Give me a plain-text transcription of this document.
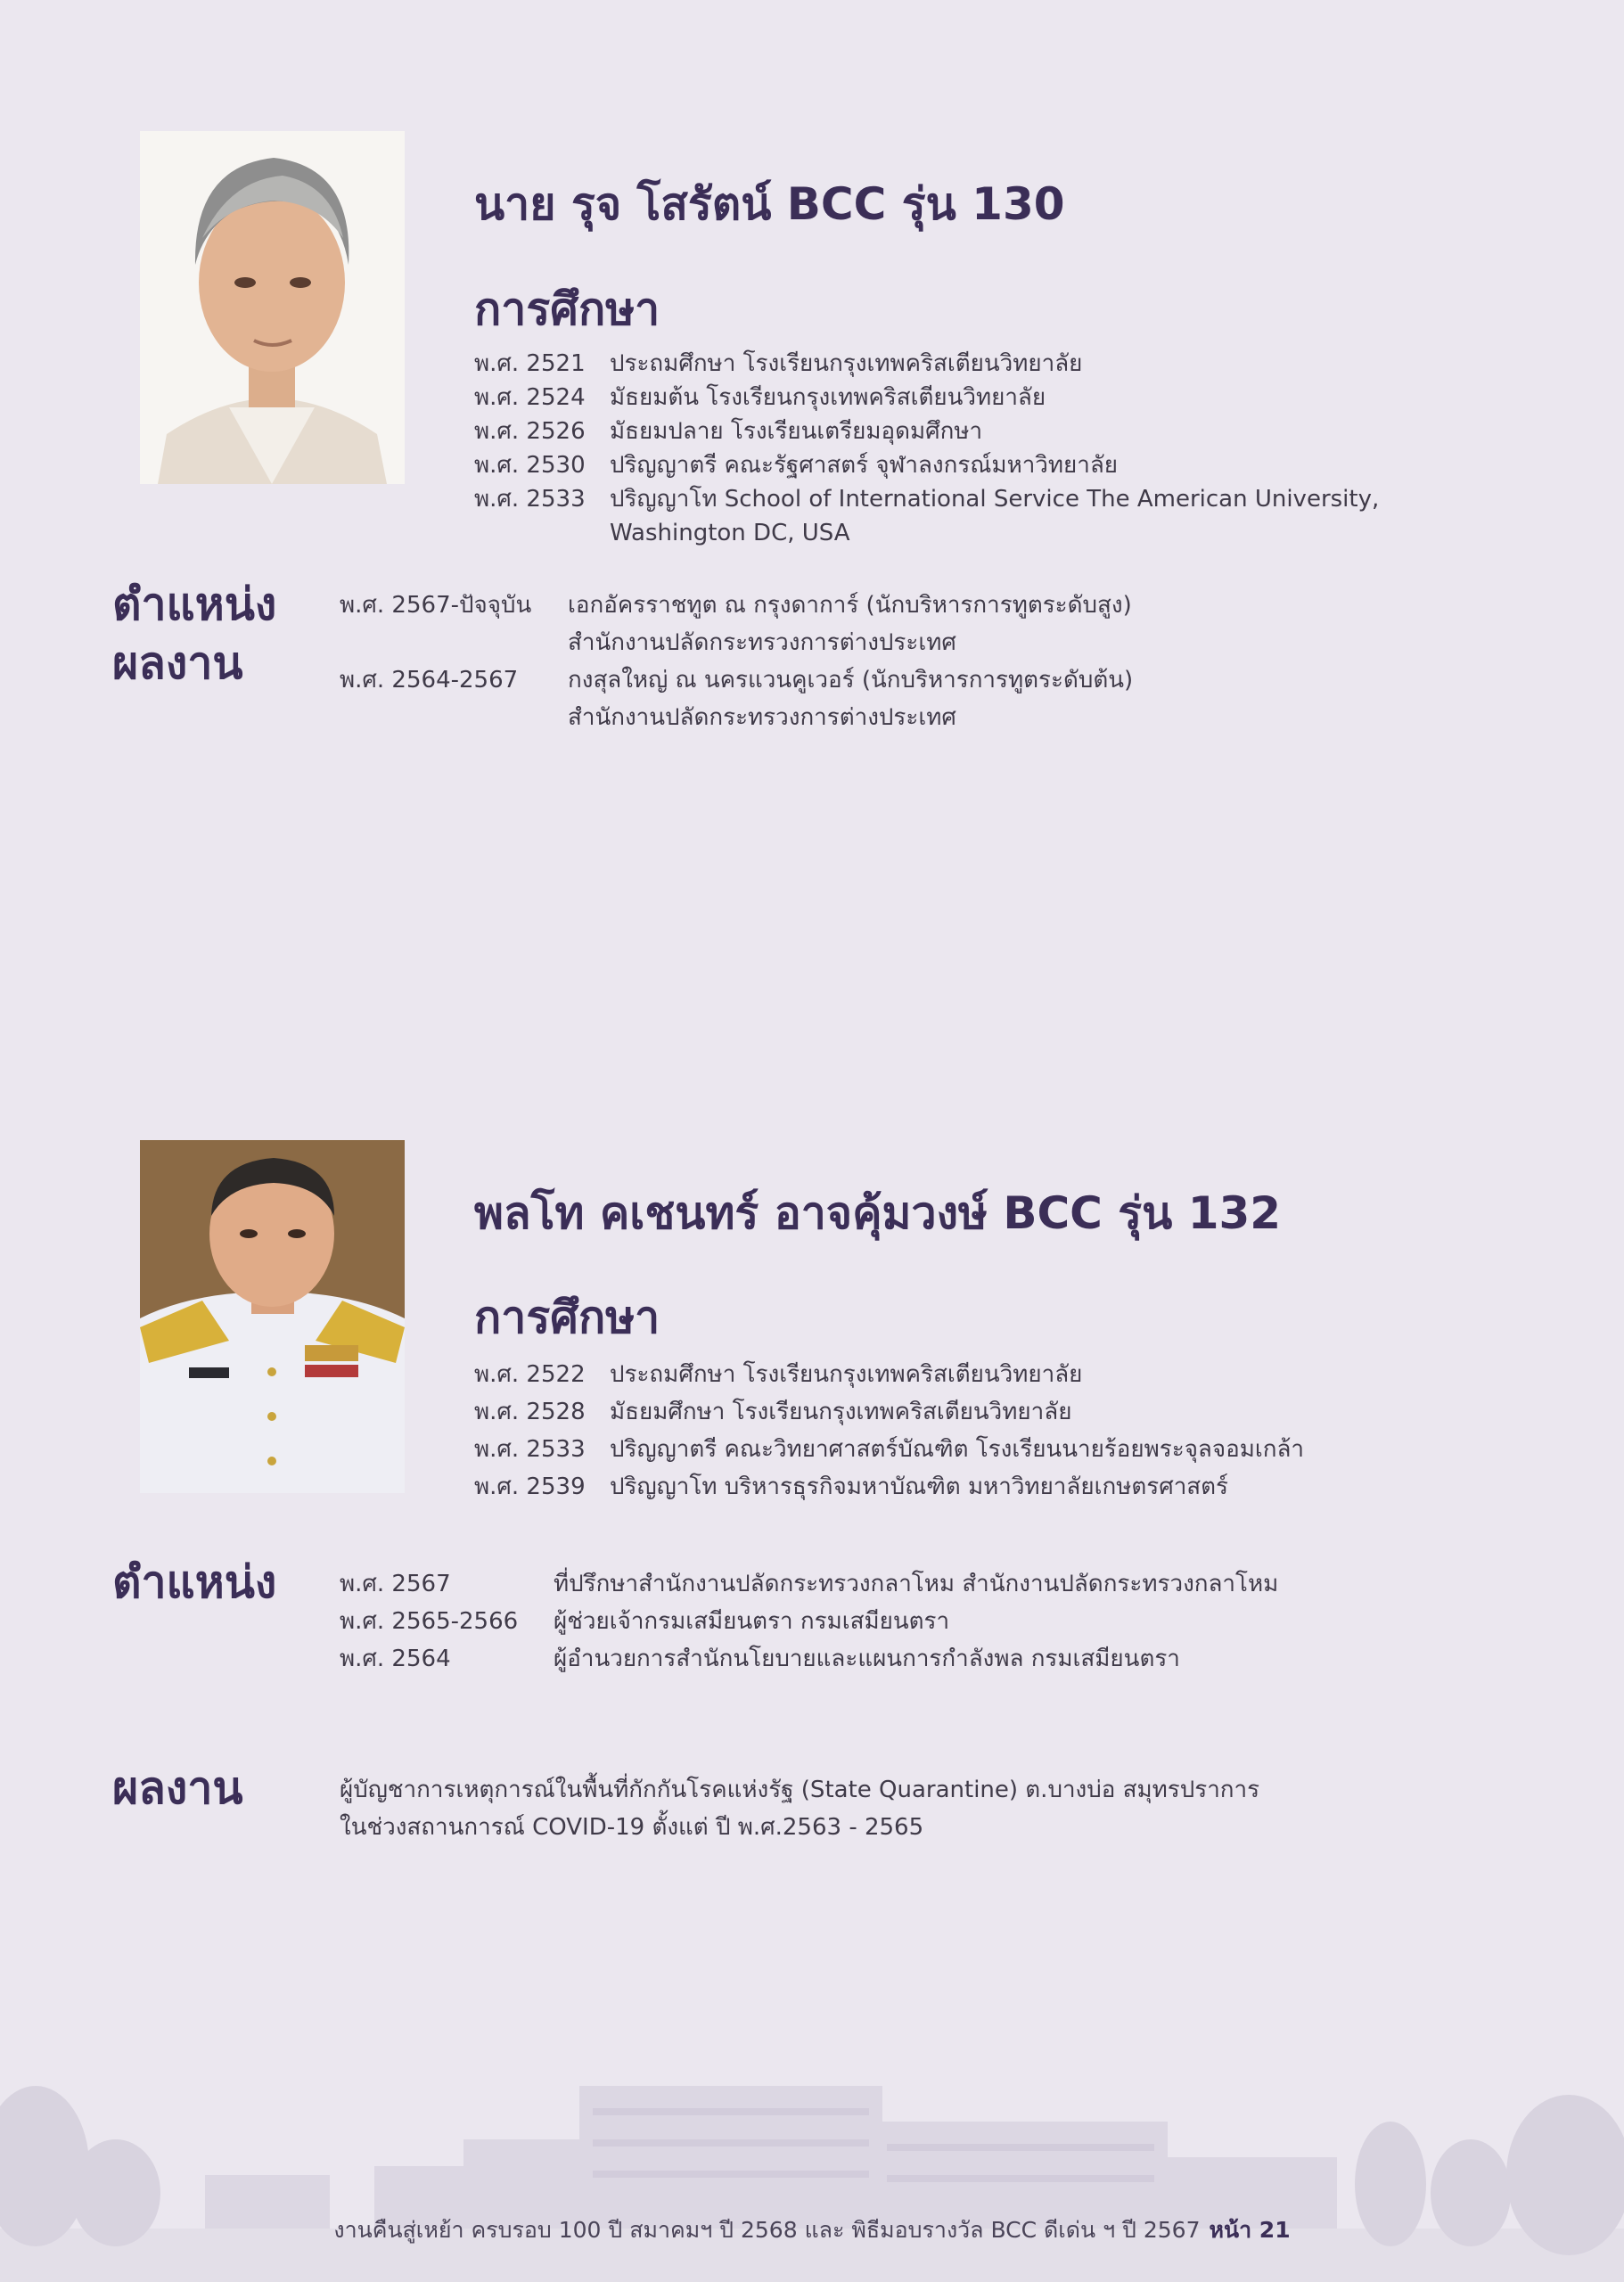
นาย รุจ โสรัตน์ BCC รุ่น 130
การศึกษา
พ.ศ. 2521	ประถมศึกษา โรงเรียนกรุงเทพคริสเตียนวิทยาลัย
พ.ศ. 2524	มัธยมต้น โรงเรียนกรุงเทพคริสเตียนวิทยาลัย
พ.ศ. 2526	มัธยมปลาย โรงเรียนเตรียมอุดมศึกษา
พ.ศ. 2530	ปริญญาตรี คณะรัฐศาสตร์ จุฬาลงกรณ์มหาวิทยาลัย
พ.ศ. 2533	ปริญญาโท School of International Service The American University,
Washington DC, USA
ตำแหน่ง
ผลงาน
พ.ศ. 2567-ปัจจุบัน	เอกอัครราชทูต ณ กรุงดาการ์ (นักบริหารการทูตระดับสูง)
สำนักงานปลัดกระทรวงการต่างประเทศ
พ.ศ. 2564-2567	กงสุลใหญ่ ณ นครแวนคูเวอร์ (นักบริหารการทูตระดับต้น)
สำนักงานปลัดกระทรวงการต่างประเทศ
พลโท คเชนทร์ อาจคุ้มวงษ์ BCC รุ่น 132
การศึกษา
พ.ศ. 2522	ประถมศึกษา โรงเรียนกรุงเทพคริสเตียนวิทยาลัย
พ.ศ. 2528	มัธยมศึกษา โรงเรียนกรุงเทพคริสเตียนวิทยาลัย
พ.ศ. 2533	ปริญญาตรี คณะวิทยาศาสตร์บัณฑิต โรงเรียนนายร้อยพระจุลจอมเกล้า
พ.ศ. 2539	ปริญญาโท บริหารธุรกิจมหาบัณฑิต มหาวิทยาลัยเกษตรศาสตร์
ตำแหน่ง	พ.ศ. 2567	ที่ปรึกษาสำนักงานปลัดกระทรวงกลาโหม สำนักงานปลัดกระทรวงกลาโหม
พ.ศ. 2565-2566	ผู้ช่วยเจ้ากรมเสมียนตรา กรมเสมียนตรา
พ.ศ. 2564	ผู้อำนวยการสำนักนโยบายและแผนการกำลังพล กรมเสมียนตรา
ผลงาน	ผู้บัญชาการเหตุการณ์ในพื้นที่กักกันโรคแห่งรัฐ (State Quarantine) ต.บางบ่อ สมุทรปราการ
ในช่วงสถานการณ์ COVID-19 ตั้งแต่ ปี พ.ศ.2563 - 2565
งานคืนสู่เหย้า ครบรอบ 100 ปี สมาคมฯ ปี 2568 และ พิธีมอบรางวัล BCC ดีเด่น ฯ ปี 2567 หน้า 21
